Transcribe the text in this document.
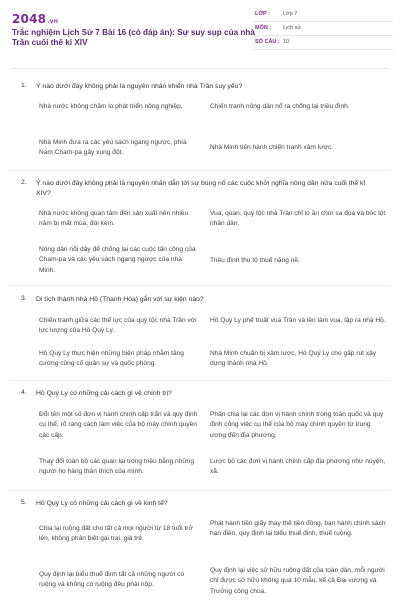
2048.vn
Trắc nghiệm Lịch Sử 7 Bài 16 (có đáp án): Sự suy sụp của nhà Trần cuối thế kỉ XIV
LỚP : Lớp 7
MÔN : Lịch sử
SỐ CÂU : 10
1. Ý nào dưới đây không phải là nguyên nhân khiến nhà Trần suy yếu?
Nhà nước không chăm lo phát triển nông nghiệp.	Chiến tranh nông dân nổ ra chống lại triều đình.
Nhà Minh đưa ra các yêu sách ngang ngược, phía Nam Cham-pa gây xung đột.
Nhà Minh tiến hành chiến tranh xâm lược.
2. Ý nào dưới đây không phải là nguyên nhân dẫn tới sự bùng nổ các cuộc khởi nghĩa nông dân nửa cuối thế kỉ XIV?
Nhà nước không quan tâm đến sản xuất nên nhiều năm bị mất mùa, đói kém.
Vua, quan, quý tộc nhà Trần chỉ lo ăn chơi sa đọa và bóc lột nhân dân.
Nông dân nổi dậy để chống lại các cuộc tấn công của Cham-pa và các yêu sách ngang ngược của nhà Minh.
Triều đình thu tô thuế nặng nề.
3. Di tích thành nhà Hồ (Thanh Hóa) gắn với sự kiện nào?
Chiến tranh giữa các thế lực của quý tộc nhà Trần với lực lượng của Hồ Quý Ly.
Hồ Quý Ly phế truất vua Trần và lên làm vua, lập ra nhà Hồ.
Hồ Quý Ly thực hiện những biện pháp nhằm tăng cường củng cố quân sự và quốc phòng.
Nhà Minh chuẩn bị xâm lược, Hồ Quý Ly cho gấp rút xây dựng thành nhà Hồ.
4. Hồ Quý Ly có những cải cách gì về chính trị?
Đổi tên một số đơn vị hành chính cấp trấn và quy định cụ thể, rõ ràng cách làm việc của bộ máy chính quyền các cấp.
Phân chia lại các đơn vị hành chính trong toàn quốc và quy định công việc cụ thể của bộ máy chính quyền từ trung ương đến địa phương.
Thay đổi toàn bộ các quan lại trong triều bằng những người họ hàng thân thích của mình.
Lược bỏ các đơn vị hành chính cấp địa phương như huyện, xã.
5. Hồ Quý Ly có những cải cách gì về kinh tế?
Chia lại ruộng đất cho tất cả mọi người từ 18 tuổi trở lên, không phân biệt gái trai, già trẻ.
Phát hành tiền giấy thay thế tiền đồng, ban hành chính sách hạn điền, quy định lại biểu thuế đinh, thuế ruộng.
Quy định lại biểu thuế đinh tất cả những người có ruộng và không có ruộng đều phải nộp.
Quy định lại việc sở hữu ruộng đất của toàn dân, mỗi người chỉ được sở hữu không quá 10 mẫu, kể cả Đại vương và Trưởng công chúa.
